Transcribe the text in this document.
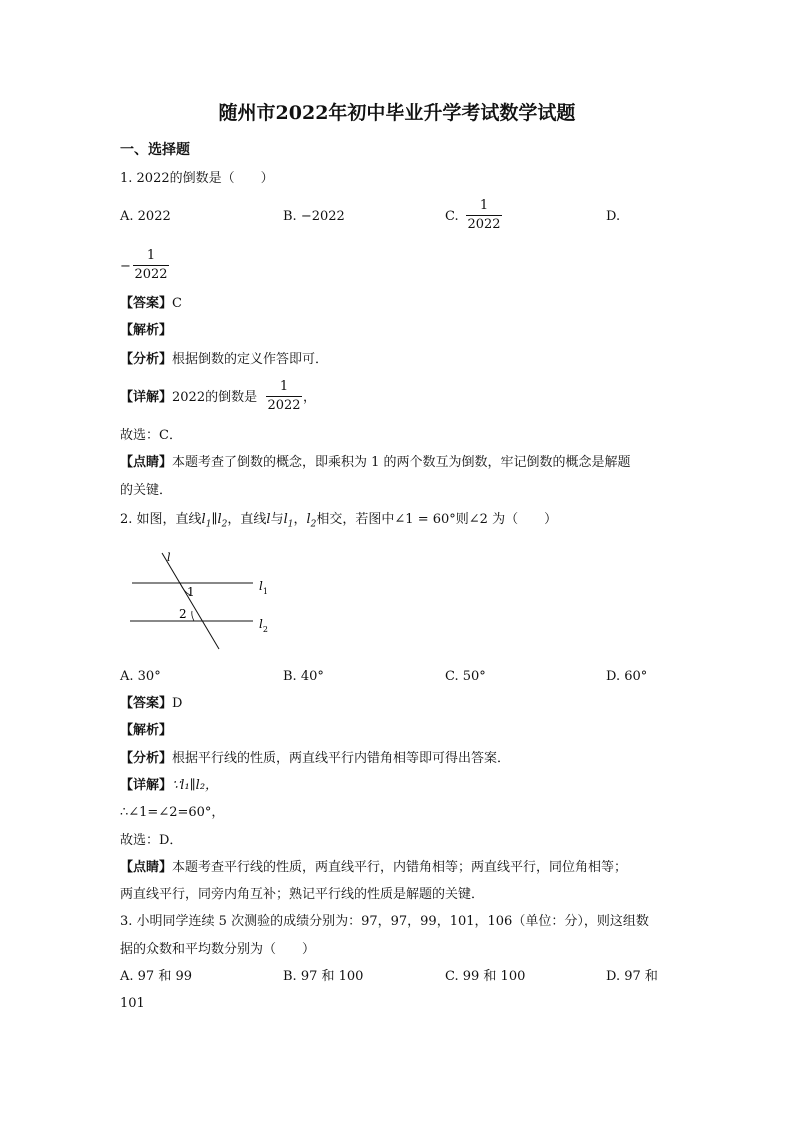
随州市2022年初中毕业升学考试数学试题
一、选择题
1. 2022的倒数是（　　）
A. 2022	B. −2022	C.
1
2022
D.
−
1
2022
【答案】C
【解析】
【分析】根据倒数的定义作答即可．
【详解】2022的倒数是
1
2022
，
故选：C．
【点睛】本题考查了倒数的概念，即乘积为 1 的两个数互为倒数，牢记倒数的概念是解题
的关键．
2. 如图，直线$l_1\parallel l_2$，直线l与$l_1$，$l_2$相交，若图中∠1 = 60°则∠2 为（　　）
l
1
2
$l_1$
$l_2$
A. 30°	B. 40°	C. 50°	D. 60°
【答案】D
【解析】
【分析】根据平行线的性质，两直线平行内错角相等即可得出答案．
【详解】∵l₁∥l₂，
∴∠1=∠2=60°，
故选：D．
【点睛】本题考查平行线的性质，两直线平行，内错角相等；两直线平行，同位角相等；
两直线平行，同旁内角互补；熟记平行线的性质是解题的关键．
3. 小明同学连续 5 次测验的成绩分别为：97，97，99，101，106（单位：分），则这组数
据的众数和平均数分别为（　　）
A. 97 和 99	B. 97 和 100	C. 99 和 100	D. 97 和
101
